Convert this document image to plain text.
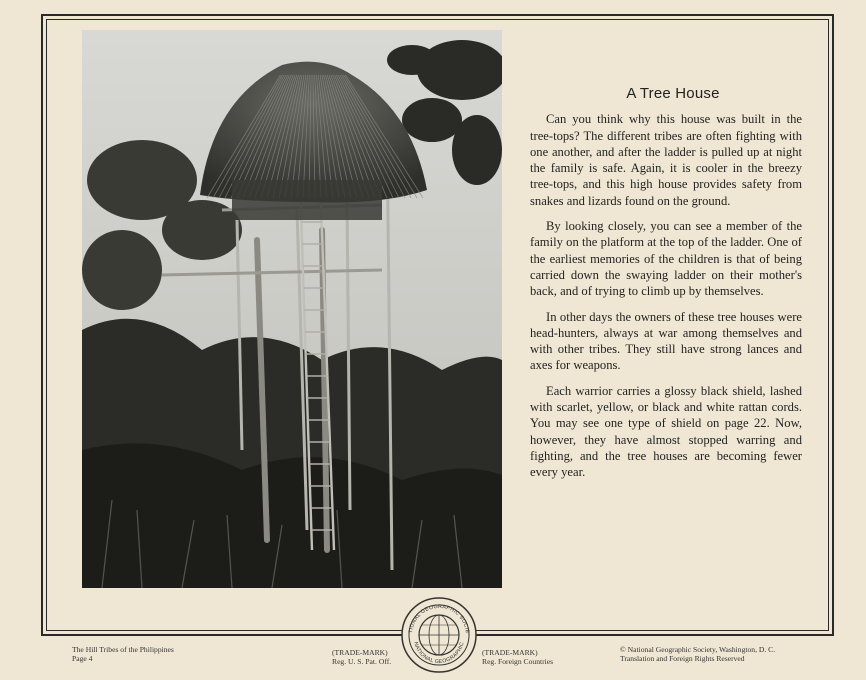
A Tree House

Can you think why this house was built in the tree-tops? The different tribes are often fighting with one another, and after the ladder is pulled up at night the family is safe. Again, it is cooler in the breezy tree-tops, and this high house provides safety from snakes and lizards found on the ground.

By looking closely, you can see a member of the family on the platform at the top of the ladder. One of the earliest memories of the children is that of being carried down the swaying ladder on their mother's back, and of trying to climb up by themselves.

In other days the owners of these tree houses were head-hunters, always at war among themselves and with other tribes. They still have strong lances and axes for weapons.

Each warrior carries a glossy black shield, lashed with scarlet, yellow, or black and white rattan cords. You may see one type of shield on page 22. Now, however, they have almost stopped warring and fighting, and the tree houses are becoming fewer every year.

TIONAL GEOGRAPHIC SOCIE
NATIONAL GEOGRAPHIC
The Hill Tribes of the Philippines
Page 4
(TRADE-MARK)
Reg. U. S. Pat. Off.
(TRADE-MARK)
Reg. Foreign Countries
© National Geographic Society, Washington, D. C.
Translation and Foreign Rights Reserved
